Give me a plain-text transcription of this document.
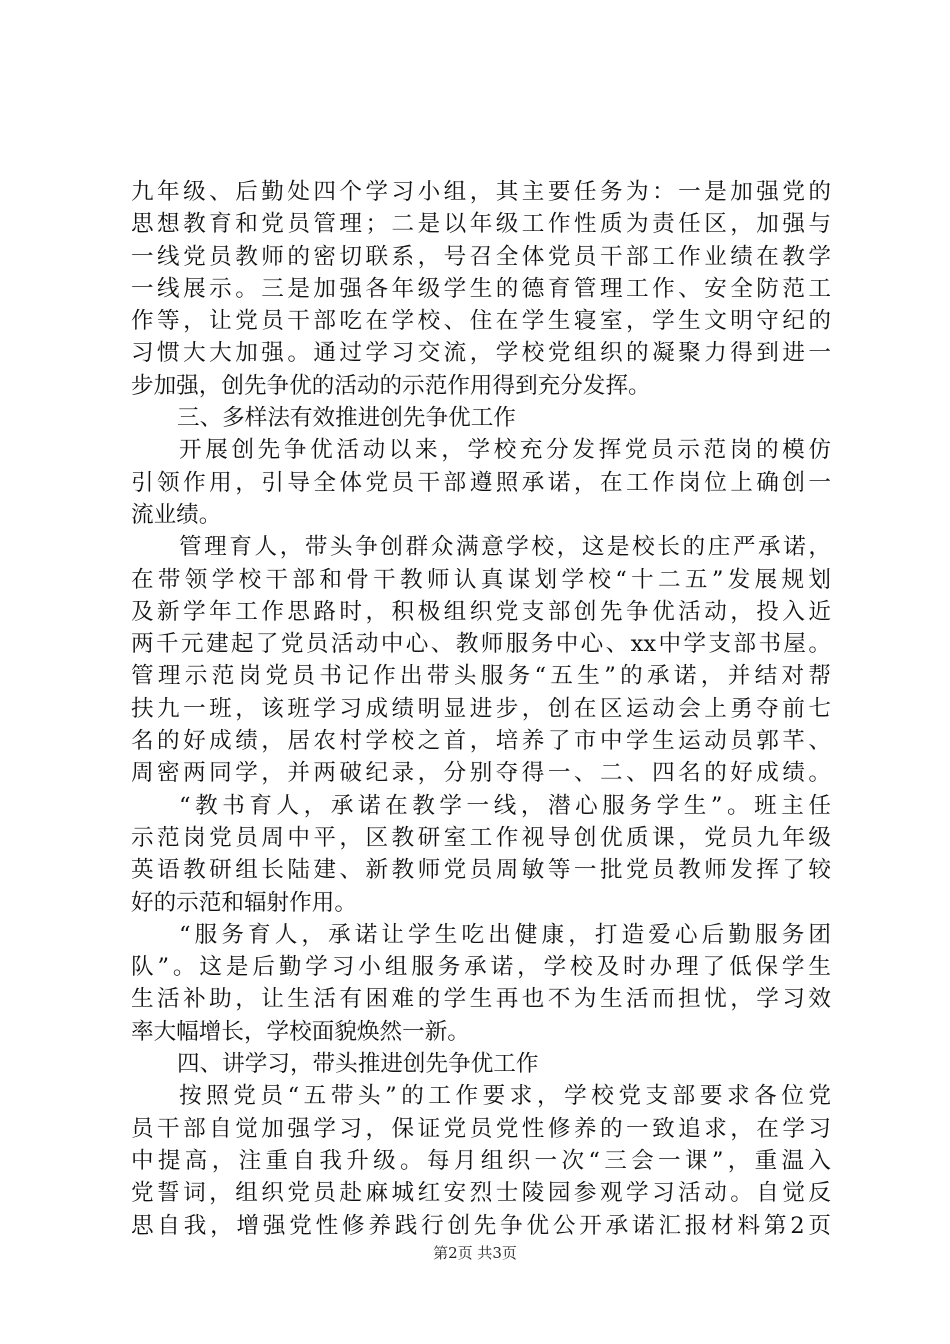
九年级、后勤处四个学习小组，其主要任务为：一是加强党的
思想教育和党员管理；二是以年级工作性质为责任区，加强与
一线党员教师的密切联系，号召全体党员干部工作业绩在教学
一线展示。三是加强各年级学生的德育管理工作、安全防范工
作等，让党员干部吃在学校、住在学生寝室，学生文明守纪的
习惯大大加强。通过学习交流，学校党组织的凝聚力得到进一
步加强，创先争优的活动的示范作用得到充分发挥。
三、多样法有效推进创先争优工作
开展创先争优活动以来，学校充分发挥党员示范岗的模仿
引领作用，引导全体党员干部遵照承诺，在工作岗位上确创一
流业绩。
管理育人，带头争创群众满意学校，这是校长的庄严承诺，
在带领学校干部和骨干教师认真谋划学校“十二五”发展规划
及新学年工作思路时，积极组织党支部创先争优活动，投入近
两千元建起了党员活动中心、教师服务中心、xx中学支部书屋。
管理示范岗党员书记作出带头服务“五生”的承诺，并结对帮
扶九一班，该班学习成绩明显进步，创在区运动会上勇夺前七
名的好成绩，居农村学校之首，培养了市中学生运动员郭芊、
周密两同学，并两破纪录，分别夺得一、二、四名的好成绩。
“教书育人，承诺在教学一线，潜心服务学生”。班主任
示范岗党员周中平，区教研室工作视导创优质课，党员九年级
英语教研组长陆建、新教师党员周敏等一批党员教师发挥了较
好的示范和辐射作用。
“服务育人，承诺让学生吃出健康，打造爱心后勤服务团
队”。这是后勤学习小组服务承诺，学校及时办理了低保学生
生活补助，让生活有困难的学生再也不为生活而担忧，学习效
率大幅增长，学校面貌焕然一新。
四、讲学习，带头推进创先争优工作
按照党员“五带头”的工作要求，学校党支部要求各位党
员干部自觉加强学习，保证党员党性修养的一致追求，在学习
中提高，注重自我升级。每月组织一次“三会一课”，重温入
党誓词，组织党员赴麻城红安烈士陵园参观学习活动。自觉反
思自我，增强党性修养践行创先争优公开承诺汇报材料第2页
第2页 共3页
